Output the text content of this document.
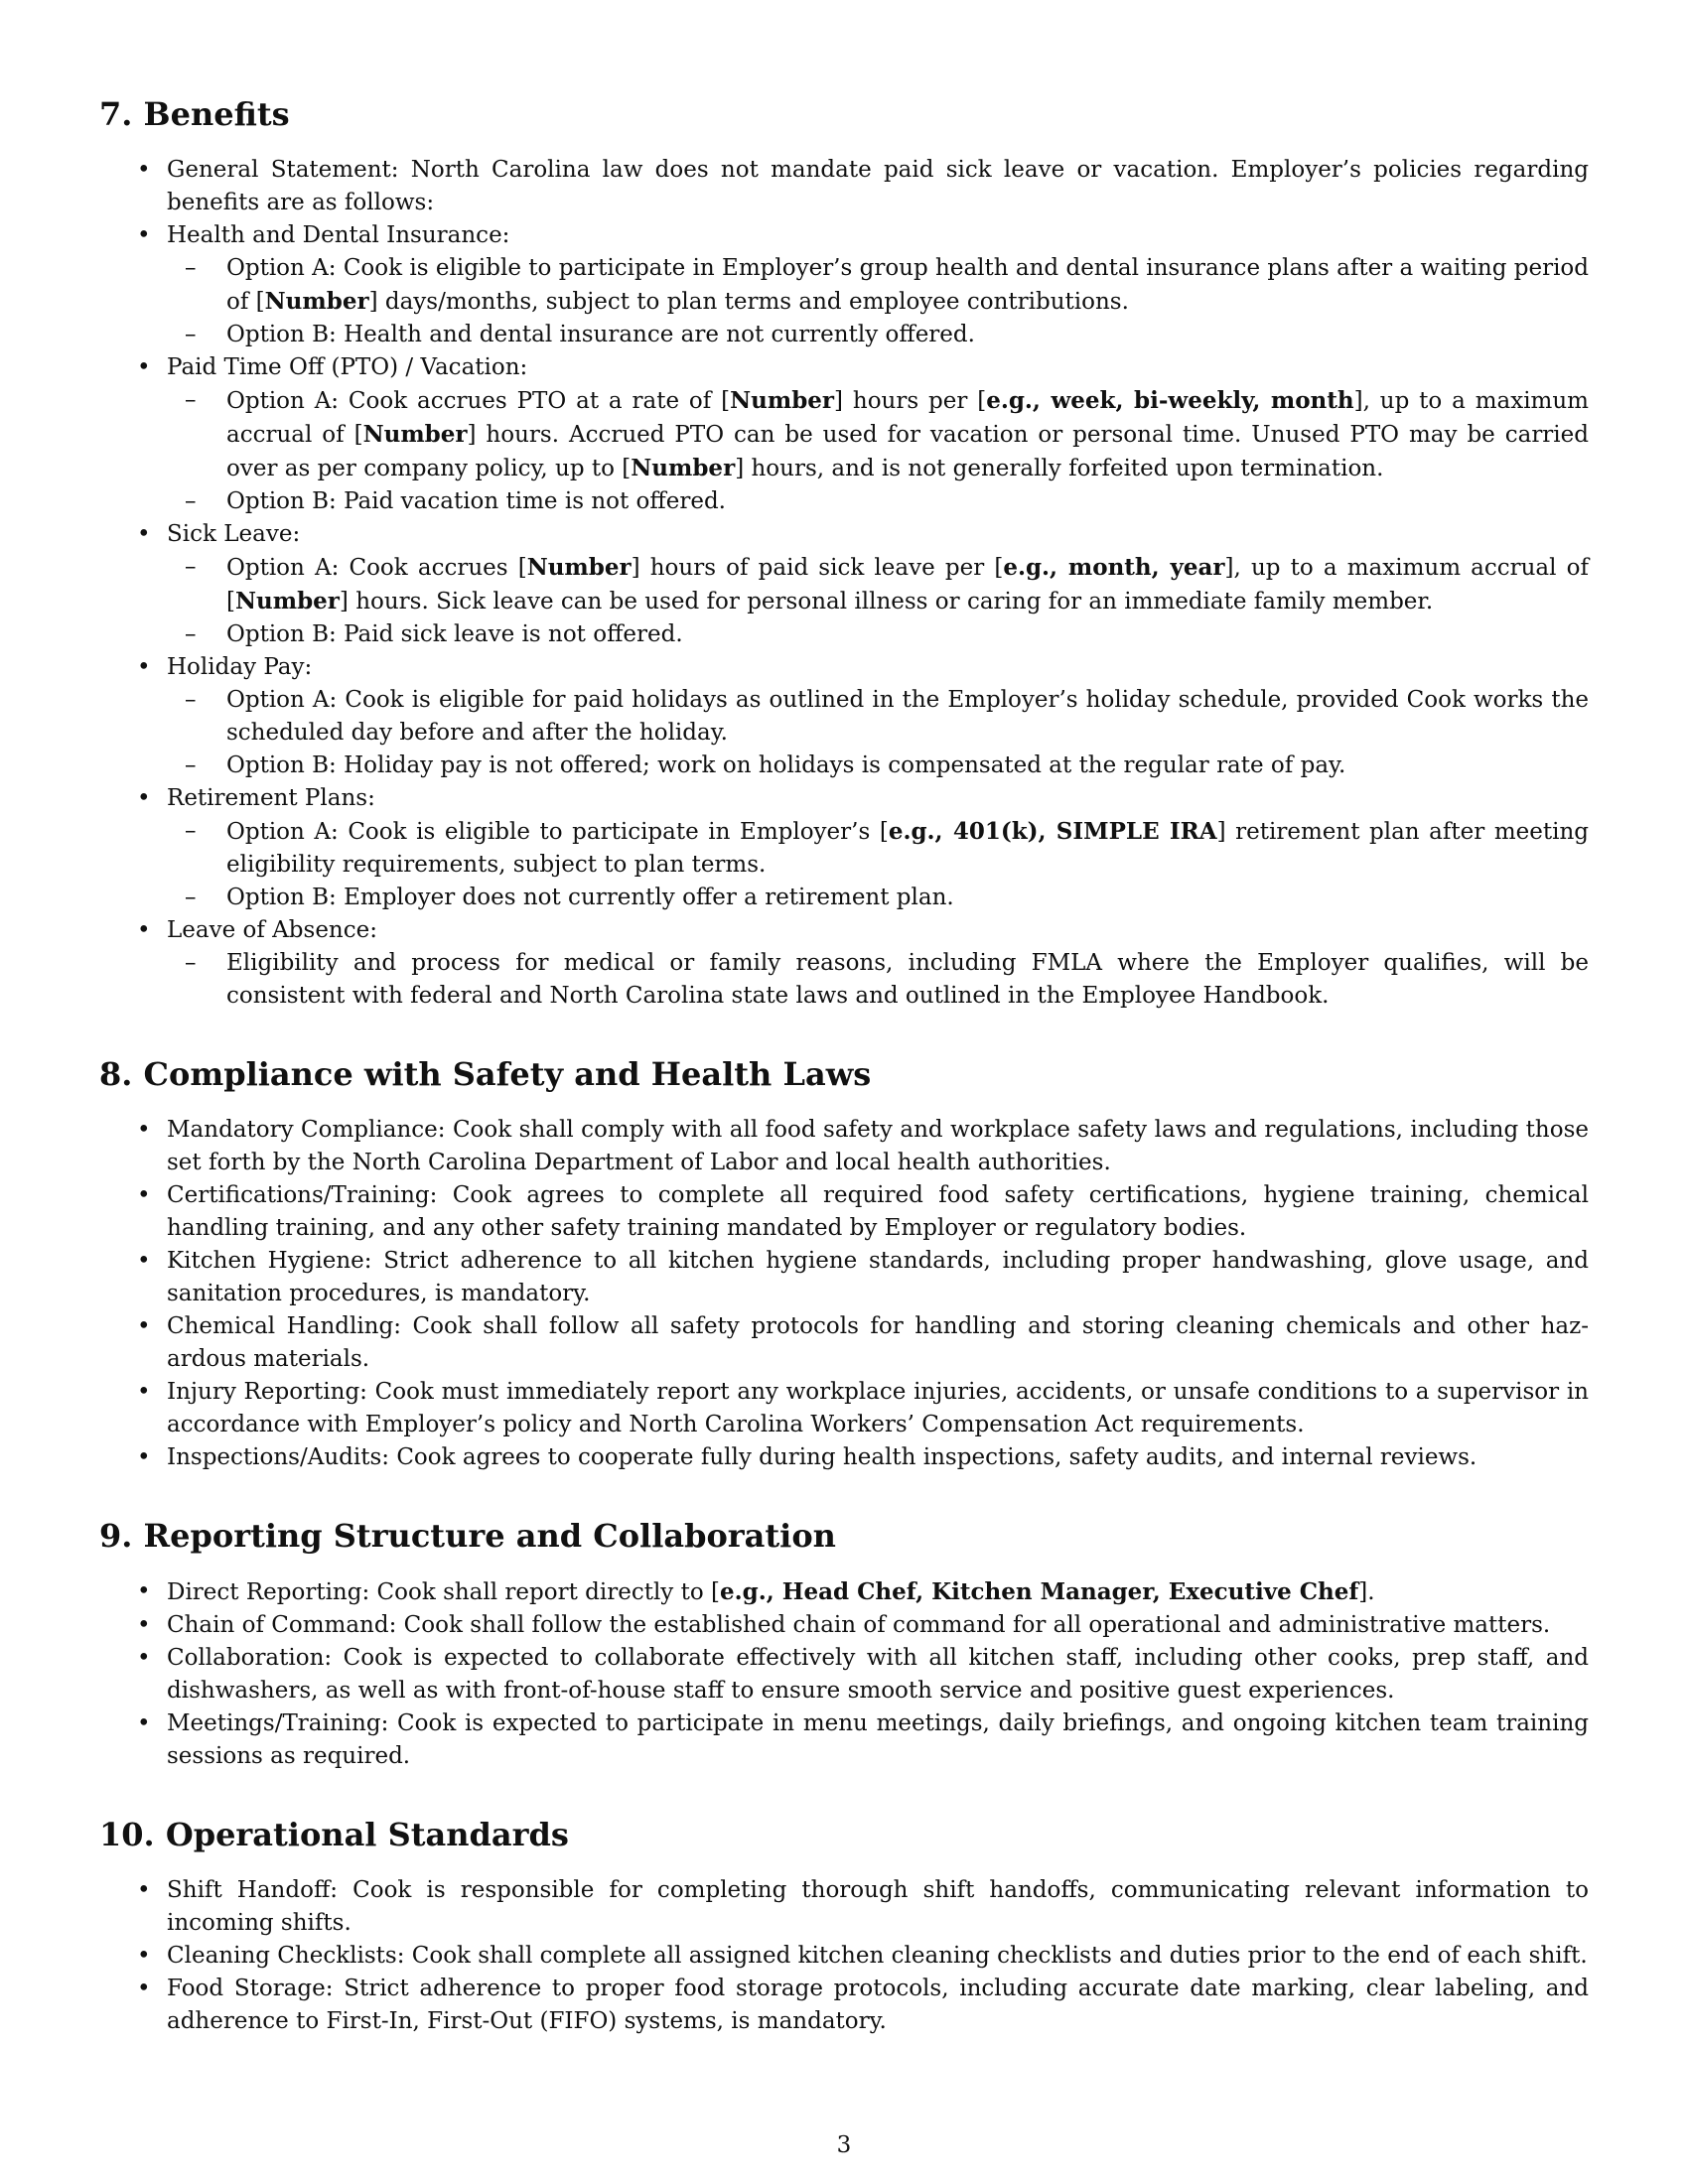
7. Benefits
• General Statement: North Carolina law does not mandate paid sick leave or vacation. Employer’s policies regarding benefits are as follows:
• Health and Dental Insurance:
– Option A: Cook is eligible to participate in Employer’s group health and dental insurance plans after a waiting period of [Number] days/months, subject to plan terms and employee contributions.
– Option B: Health and dental insurance are not currently offered.
• Paid Time Off (PTO) / Vacation:
– Option A: Cook accrues PTO at a rate of [Number] hours per [e.g., week, bi-weekly, month], up to a maximum accrual of [Number] hours. Accrued PTO can be used for vacation or personal time. Unused PTO may be carried over as per company policy, up to [Number] hours, and is not generally forfeited upon termination.
– Option B: Paid vacation time is not offered.
• Sick Leave:
– Option A: Cook accrues [Number] hours of paid sick leave per [e.g., month, year], up to a maximum accrual of [Number] hours. Sick leave can be used for personal illness or caring for an immediate family member.
– Option B: Paid sick leave is not offered.
• Holiday Pay:
– Option A: Cook is eligible for paid holidays as outlined in the Employer’s holiday schedule, provided Cook works the scheduled day before and after the holiday.
– Option B: Holiday pay is not offered; work on holidays is compensated at the regular rate of pay.
• Retirement Plans:
– Option A: Cook is eligible to participate in Employer’s [e.g., 401(k), SIMPLE IRA] retirement plan after meeting eligibility requirements, subject to plan terms.
– Option B: Employer does not currently offer a retirement plan.
• Leave of Absence:
– Eligibility and process for medical or family reasons, including FMLA where the Employer qualifies, will be consistent with federal and North Carolina state laws and outlined in the Employee Handbook.
8. Compliance with Safety and Health Laws
• Mandatory Compliance: Cook shall comply with all food safety and workplace safety laws and regulations, including those set forth by the North Carolina Department of Labor and local health authorities.
• Certifications/Training: Cook agrees to complete all required food safety certifications, hygiene training, chemical handling training, and any other safety training mandated by Employer or regulatory bodies.
• Kitchen Hygiene: Strict adherence to all kitchen hygiene standards, including proper handwashing, glove usage, and sanitation procedures, is mandatory.
• Chemical Handling: Cook shall follow all safety protocols for handling and storing cleaning chemicals and other haz-ardous materials.
• Injury Reporting: Cook must immediately report any workplace injuries, accidents, or unsafe conditions to a supervisor in accordance with Employer’s policy and North Carolina Workers’ Compensation Act requirements.
• Inspections/Audits: Cook agrees to cooperate fully during health inspections, safety audits, and internal reviews.
9. Reporting Structure and Collaboration
• Direct Reporting: Cook shall report directly to [e.g., Head Chef, Kitchen Manager, Executive Chef].
• Chain of Command: Cook shall follow the established chain of command for all operational and administrative matters.
• Collaboration: Cook is expected to collaborate effectively with all kitchen staff, including other cooks, prep staff, and dishwashers, as well as with front-of-house staff to ensure smooth service and positive guest experiences.
• Meetings/Training: Cook is expected to participate in menu meetings, daily briefings, and ongoing kitchen team training sessions as required.
10. Operational Standards
• Shift Handoff: Cook is responsible for completing thorough shift handoffs, communicating relevant information to incoming shifts.
• Cleaning Checklists: Cook shall complete all assigned kitchen cleaning checklists and duties prior to the end of each shift.
• Food Storage: Strict adherence to proper food storage protocols, including accurate date marking, clear labeling, and adherence to First-In, First-Out (FIFO) systems, is mandatory.
3
